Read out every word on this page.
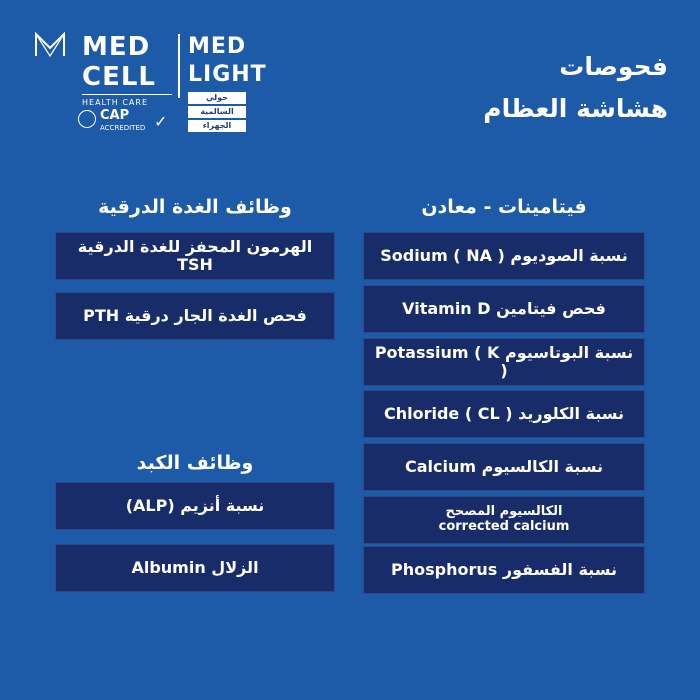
MED
CELL
MED
LIGHT
HEALTH CARE
CAP
ACCREDITED ✓
حولي
السالمية
الجهراء
فحوصات
هشاشة العظام
وظائف الغدة الدرقية
الهرمون المحفز للغدة الدرقية TSH
فحص الغدة الجار درقية PTH
وظائف الكبد
نسبة أنزيم (ALP)
الزلال Albumin
فيتامينات - معادن
نسبة الصوديوم Sodium ( NA )
فحص فيتامين Vitamin D
نسبة البوتاسيوم Potassium ( K )
نسبة الكلوريد Chloride ( CL )
نسبة الكالسيوم Calcium
الكالسيوم المصحح
corrected calcium
نسبة الفسفور Phosphorus
